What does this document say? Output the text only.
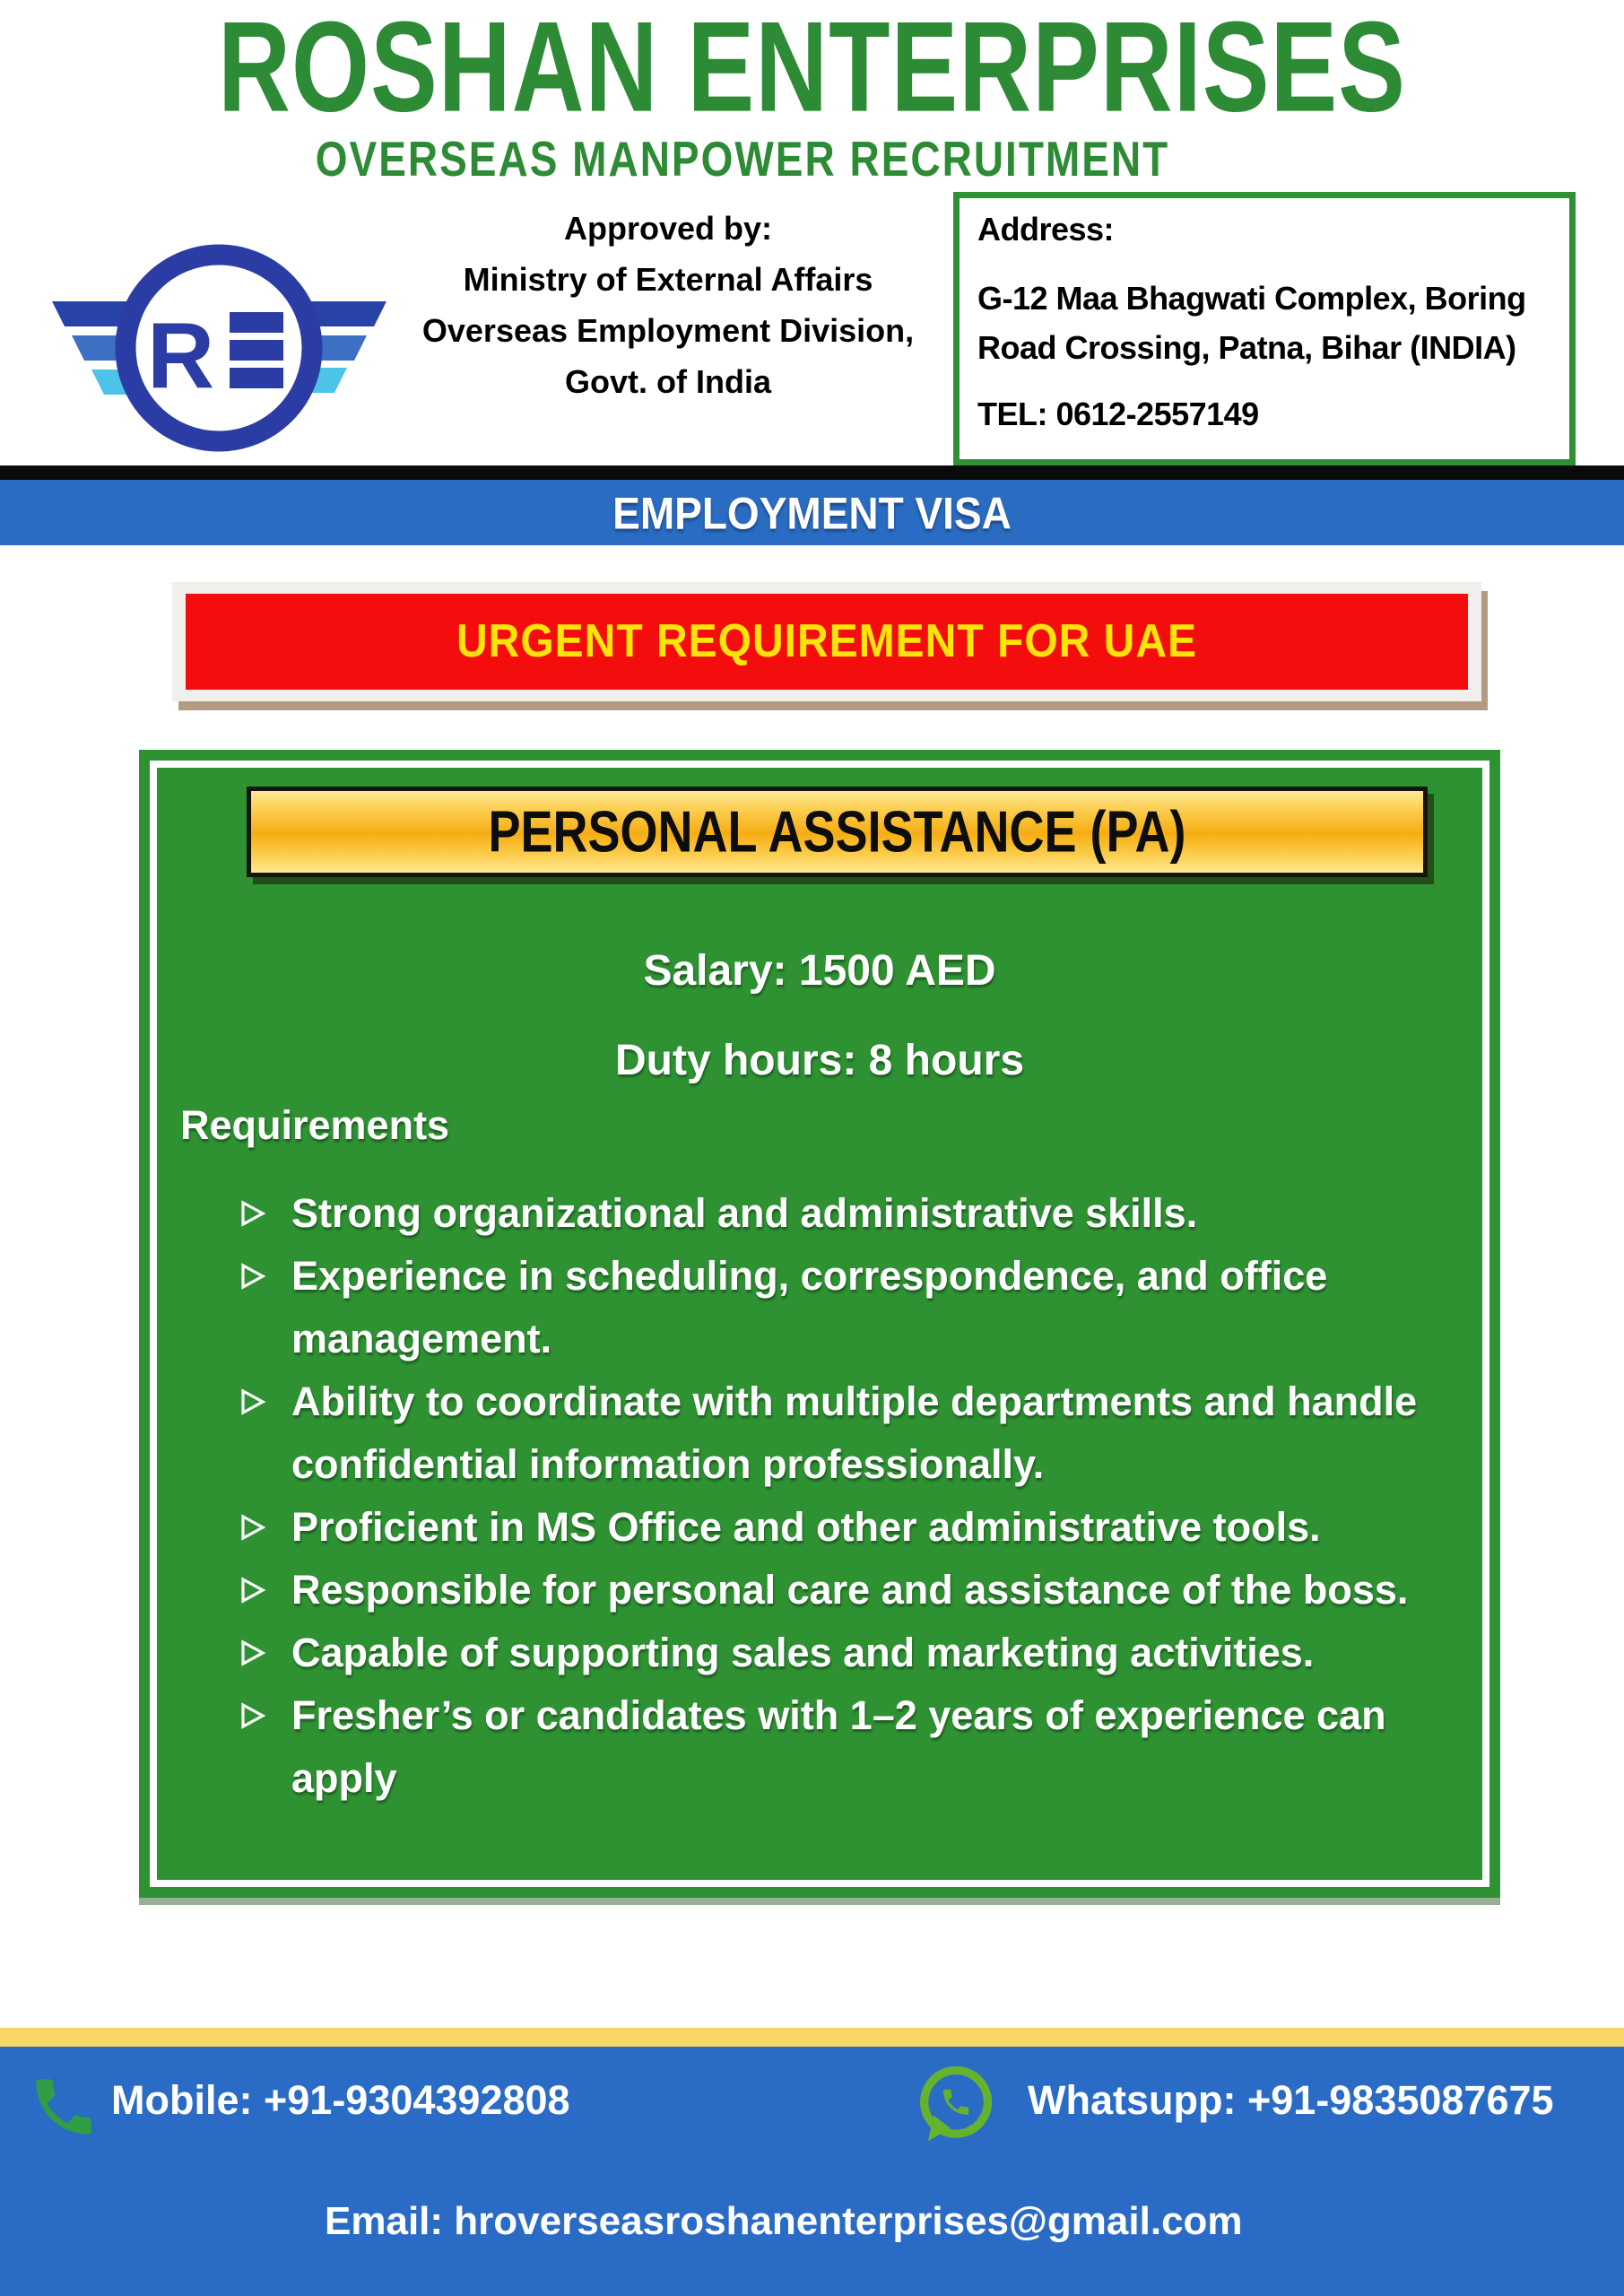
ROSHAN ENTERPRISES
OVERSEAS MANPOWER RECRUITMENT
R
Approved by:
Ministry of External Affairs
Overseas Employment Division,
Govt. of India
Address:
G-12 Maa Bhagwati Complex, Boring Road Crossing, Patna, Bihar (INDIA)
TEL: 0612-2557149
EMPLOYMENT VISA
URGENT REQUIREMENT FOR UAE
PERSONAL ASSISTANCE (PA)
Salary: 1500 AED
Duty hours: 8 hours
Requirements
Strong organizational and administrative skills.
Experience in scheduling, correspondence, and office management.
Ability to coordinate with multiple departments and handle confidential information professionally.
Proficient in MS Office and other administrative tools.
Responsible for personal care and assistance of the boss.
Capable of supporting sales and marketing activities.
Fresher’s or candidates with 1–2 years of experience can apply
Mobile: +91-9304392808	Whatsupp: +91-9835087675
Email: hroverseasroshanenterprises@gmail.com
